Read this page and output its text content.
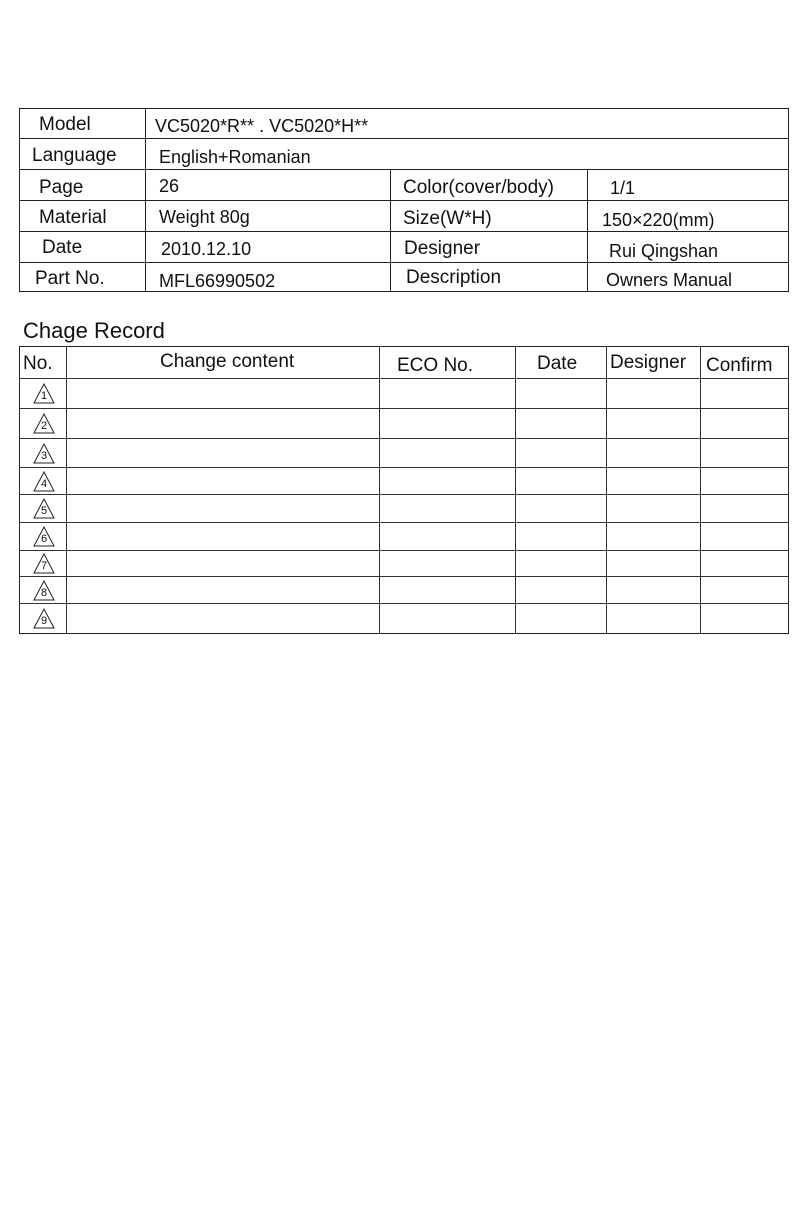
Model	VC5020*R** . VC5020*H**
Language English+Romanian
Page	26	Color(cover/body)	1/1
Material	Weight 80g	Size(W*H)	150×220(mm)
Date	2010.12.10	Designer	Rui Qingshan
Part No.	MFL66990502	Description	Owners Manual
Chage Record
No.	Change content	ECO No.	Date Designer Confirm
1
2
3
4
5
6
7
8
9
